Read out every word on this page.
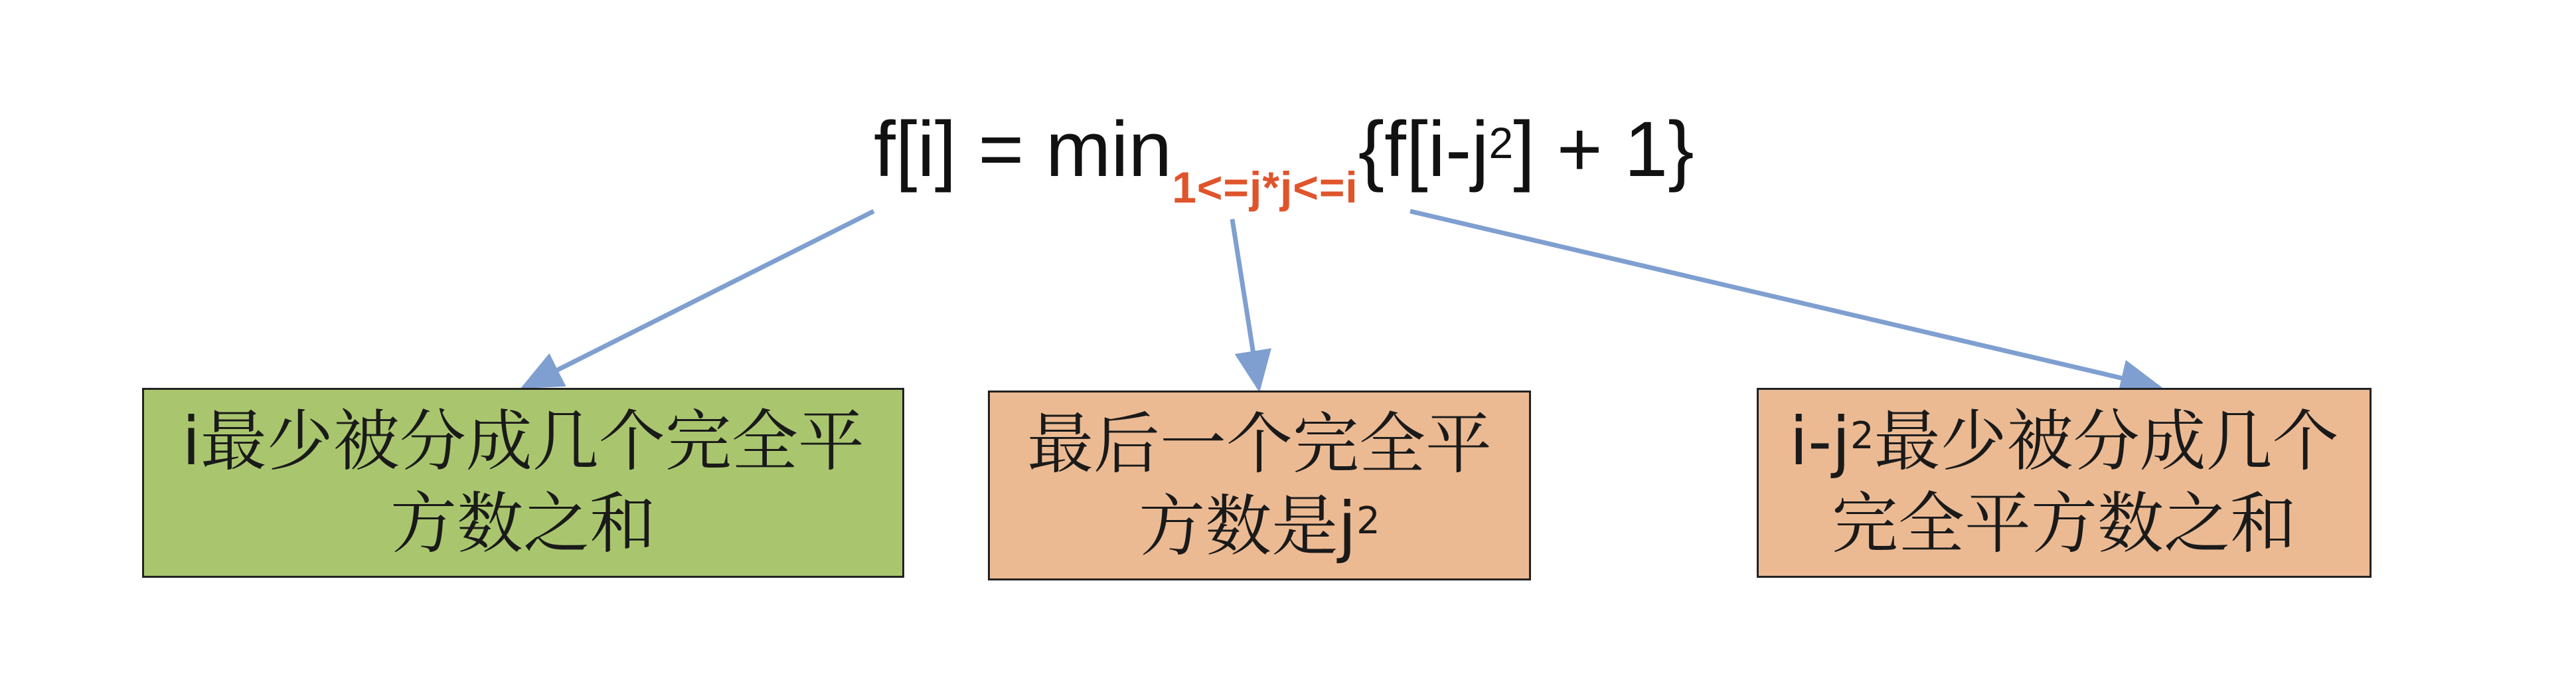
$f[i] = \min_{1<=j*j<=i}\{f[i-j^2] + 1\}$
i最少被分成几个完全平
方数之和
最后一个完全平
方数是$j^2$
$i-j^2$最少被分成几个
完全平方数之和
